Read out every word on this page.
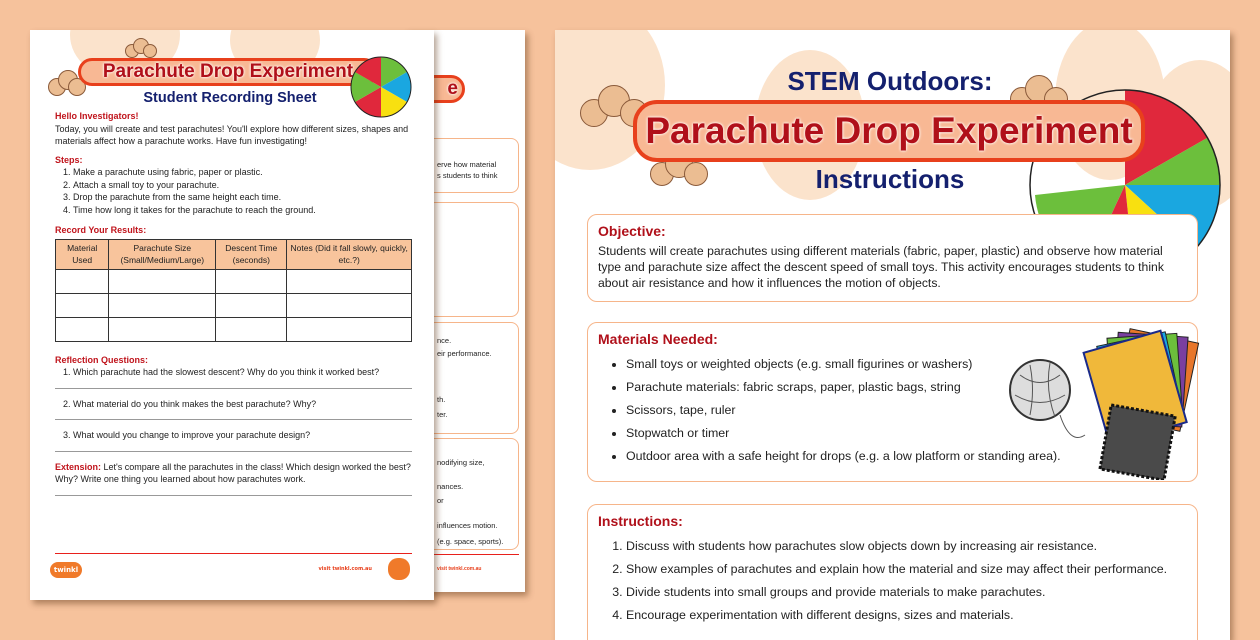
Parachute Drop Experiment
Student Recording Sheet
Hello Investigators!
Today, you will create and test parachutes! You'll explore how different sizes, shapes and materials affect how a parachute works. Have fun investigating!
Steps:
1. Make a parachute using fabric, paper or plastic.
2. Attach a small toy to your parachute.
3. Drop the parachute from the same height each time.
4. Time how long it takes for the parachute to reach the ground.
Record Your Results:
Material Used	Parachute Size (Small/Medium/Large)	Descent Time (seconds)	Notes (Did it fall slowly, quickly, etc.?)

Reflection Questions:
1. Which parachute had the slowest descent? Why do you think it worked best?
2. What material do you think makes the best parachute? Why?
3. What would you change to improve your parachute design?
Extension: Let's compare all the parachutes in the class! Which design worked the best? Why? Write one thing you learned about how parachutes work.
twinkl	visit twinkl.com.au
e
erve how material
s students to think
nce.
eir performance.
th.
ter.
nodifying size,
nances.
or
influences motion.
(e.g. space, sports).
visit twinkl.com.au
STEM Outdoors:
Parachute Drop Experiment
Instructions
Objective:

Students will create parachutes using different materials (fabric, paper, plastic) and observe how material type and parachute size affect the descent speed of small toys. This activity encourages students to think about air resistance and how it influences the motion of objects.

Materials Needed:
• Small toys or weighted objects (e.g. small figurines or washers)
• Parachute materials: fabric scraps, paper, plastic bags, string
• Scissors, tape, ruler
• Stopwatch or timer
• Outdoor area with a safe height for drops (e.g. a low platform or standing area).
Instructions:
1. Discuss with students how parachutes slow objects down by increasing air resistance.
2. Show examples of parachutes and explain how the material and size may affect their performance.
3. Divide students into small groups and provide materials to make parachutes.
4. Encourage experimentation with different designs, sizes and materials.
